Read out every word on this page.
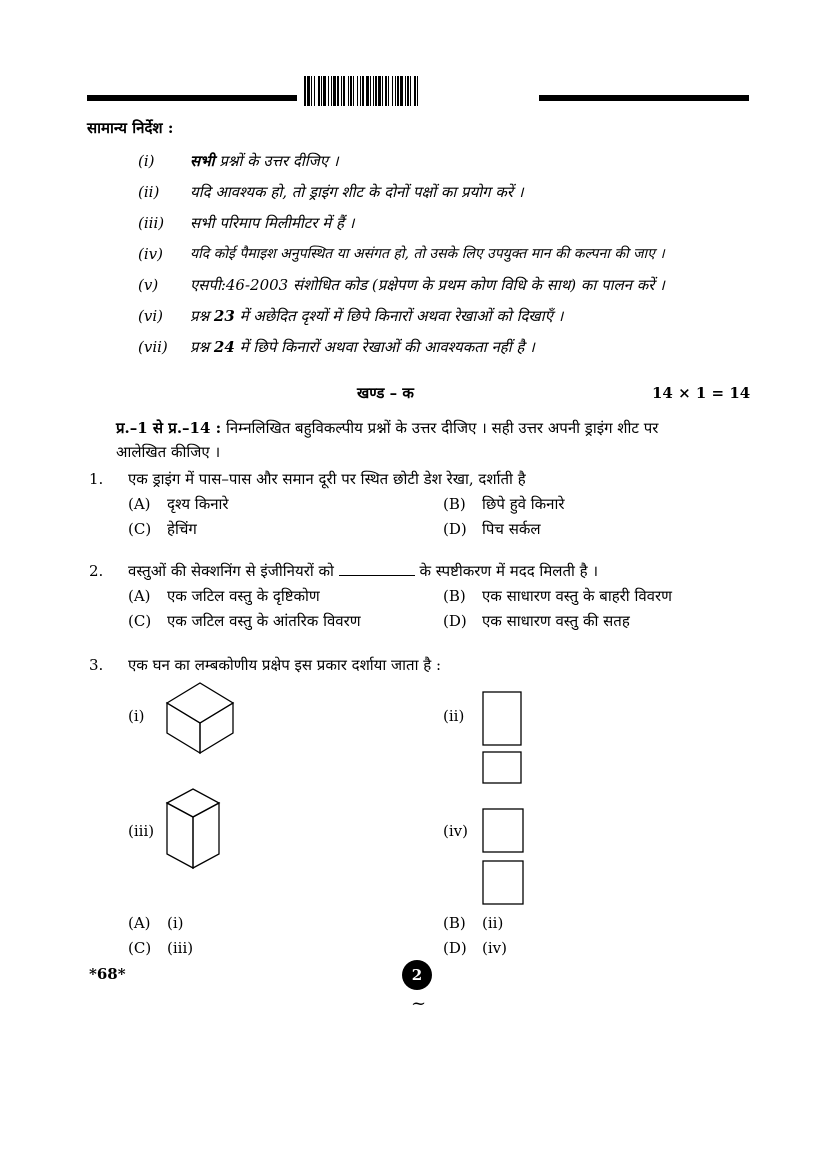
सामान्य निर्देश :
(i) सभी प्रश्नों के उत्तर दीजिए ।
(ii) यदि आवश्यक हो, तो ड्राइंग शीट के दोनों पक्षों का प्रयोग करें ।
(iii) सभी परिमाप मिलीमीटर में हैं ।
(iv) यदि कोई पैमाइश अनुपस्थित या असंगत हो, तो उसके लिए उपयुक्त मान की कल्पना की जाए ।
(v) एसपी:46-2003 संशोधित कोड (प्रक्षेपण के प्रथम कोण विधि के साथ) का पालन करें ।
(vi) प्रश्न 23 में अछेदित दृश्यों में छिपे किनारों अथवा रेखाओं को दिखाएँ ।
(vii) प्रश्न 24 में छिपे किनारों अथवा रेखाओं की आवश्यकता नहीं है ।
खण्ड – क	14 × 1 = 14
प्र.–1 से प्र.–14 : निम्नलिखित बहुविकल्पीय प्रश्नों के उत्तर दीजिए । सही उत्तर अपनी ड्राइंग शीट पर
आलेखित कीजिए ।
1. एक ड्राइंग में पास–पास और समान दूरी पर स्थित छोटी डेश रेखा, दर्शाती है
(A) दृश्य किनारे	(B) छिपे हुवे किनारे
(C) हेचिंग	(D) पिच सर्कल
2. वस्तुओं की सेक्शनिंग से इंजीनियरों को	के स्पष्टीकरण में मदद मिलती है ।
(A) एक जटिल वस्तु के दृष्टिकोण	(B) एक साधारण वस्तु के बाहरी विवरण
(C) एक जटिल वस्तु के आंतरिक विवरण	(D) एक साधारण वस्तु की सतह
3. एक घन का लम्बकोणीय प्रक्षेप इस प्रकार दर्शाया जाता है :
(i)	(ii)
(iii)	(iv)
(A) (i)	(B) (ii)
(C) (iii)	(D) (iv)
*68*	2
~
